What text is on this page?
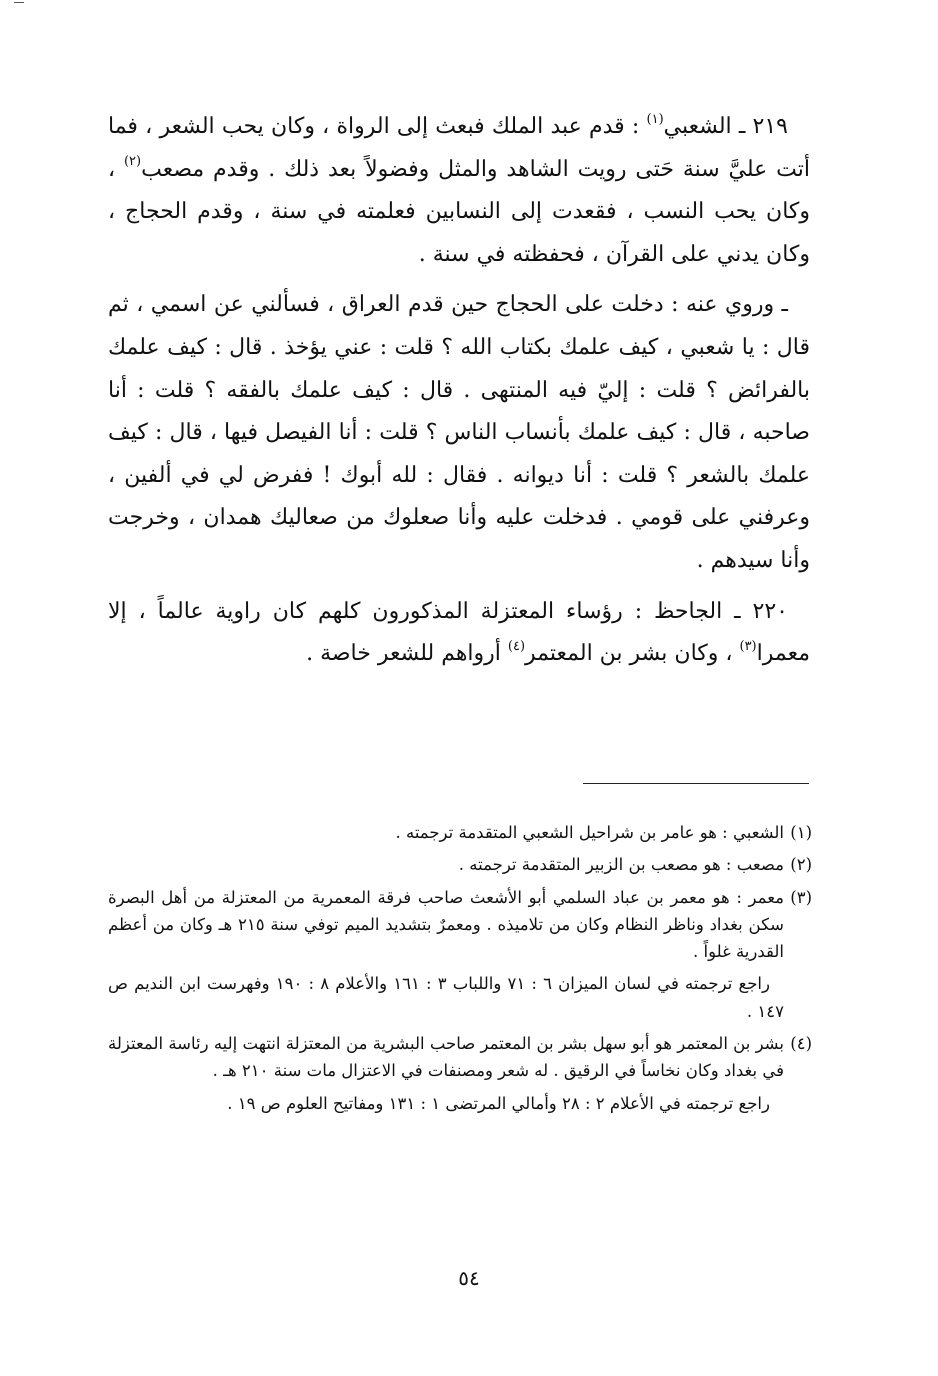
٢١٩ ـ الشعبي$^{(١)}$ : قدم عبد الملك فبعث إلى الرواة ، وكان يحب الشعر ، فما أتت عليَّ سنة حَتى رويت الشاهد والمثل وفضولاً بعد ذلك . وقدم مصعب$^{(٢)}$ ، وكان يحب النسب ، فقعدت إلى النسابين فعلمته في سنة ، وقدم الحجاج ، وكان يدني على القرآن ، فحفظته في سنة .

ـ وروي عنه : دخلت على الحجاج حين قدم العراق ، فسألني عن اسمي ، ثم قال : يا شعبي ، كيف علمك بكتاب الله ؟ قلت : عني يؤخذ . قال : كيف علمك بالفرائض ؟ قلت : إليّ فيه المنتهى . قال : كيف علمك بالفقه ؟ قلت : أنا صاحبه ، قال : كيف علمك بأنساب الناس ؟ قلت : أنا الفيصل فيها ، قال : كيف علمك بالشعر ؟ قلت : أنا ديوانه . فقال : لله أبوك ! ففرض لي في ألفين ، وعرفني على قومي . فدخلت عليه وأنا صعلوك من صعاليك همدان ، وخرجت وأنا سيدهم .

٢٢٠ ـ الجاحظ : رؤساء المعتزلة المذكورون كلهم كان راوية عالماً ، إلا معمرا$^{(٣)}$ ، وكان بشر بن المعتمر$^{(٤)}$ أرواهم للشعر خاصة .

(١)الشعبي : هو عامر بن شراحيل الشعبي المتقدمة ترجمته .

(٢)مصعب : هو مصعب بن الزبير المتقدمة ترجمته .

(٣)معمر : هو معمر بن عباد السلمي أبو الأشعث صاحب فرقة المعمرية من المعتزلة من أهل البصرة سكن بغداد وناظر النظام وكان من تلاميذه . ومعمرٌ بتشديد الميم توفي سنة ٢١٥ هـ وكان من أعظم القدرية غلواً .

راجع ترجمته في لسان الميزان ٦ : ٧١ واللباب ٣ : ١٦١ والأعلام ٨ : ١٩٠ وفهرست ابن النديم ص ١٤٧ .

(٤)بشر بن المعتمر هو أبو سهل بشر بن المعتمر صاحب البشرية من المعتزلة انتهت إليه رئاسة المعتزلة في بغداد وكان نخاساً في الرقيق . له شعر ومصنفات في الاعتزال مات سنة ٢١٠ هـ .

راجع ترجمته في الأعلام ٢ : ٢٨ وأمالي المرتضى ١ : ١٣١ ومفاتيح العلوم ص ١٩ .

٥٤
